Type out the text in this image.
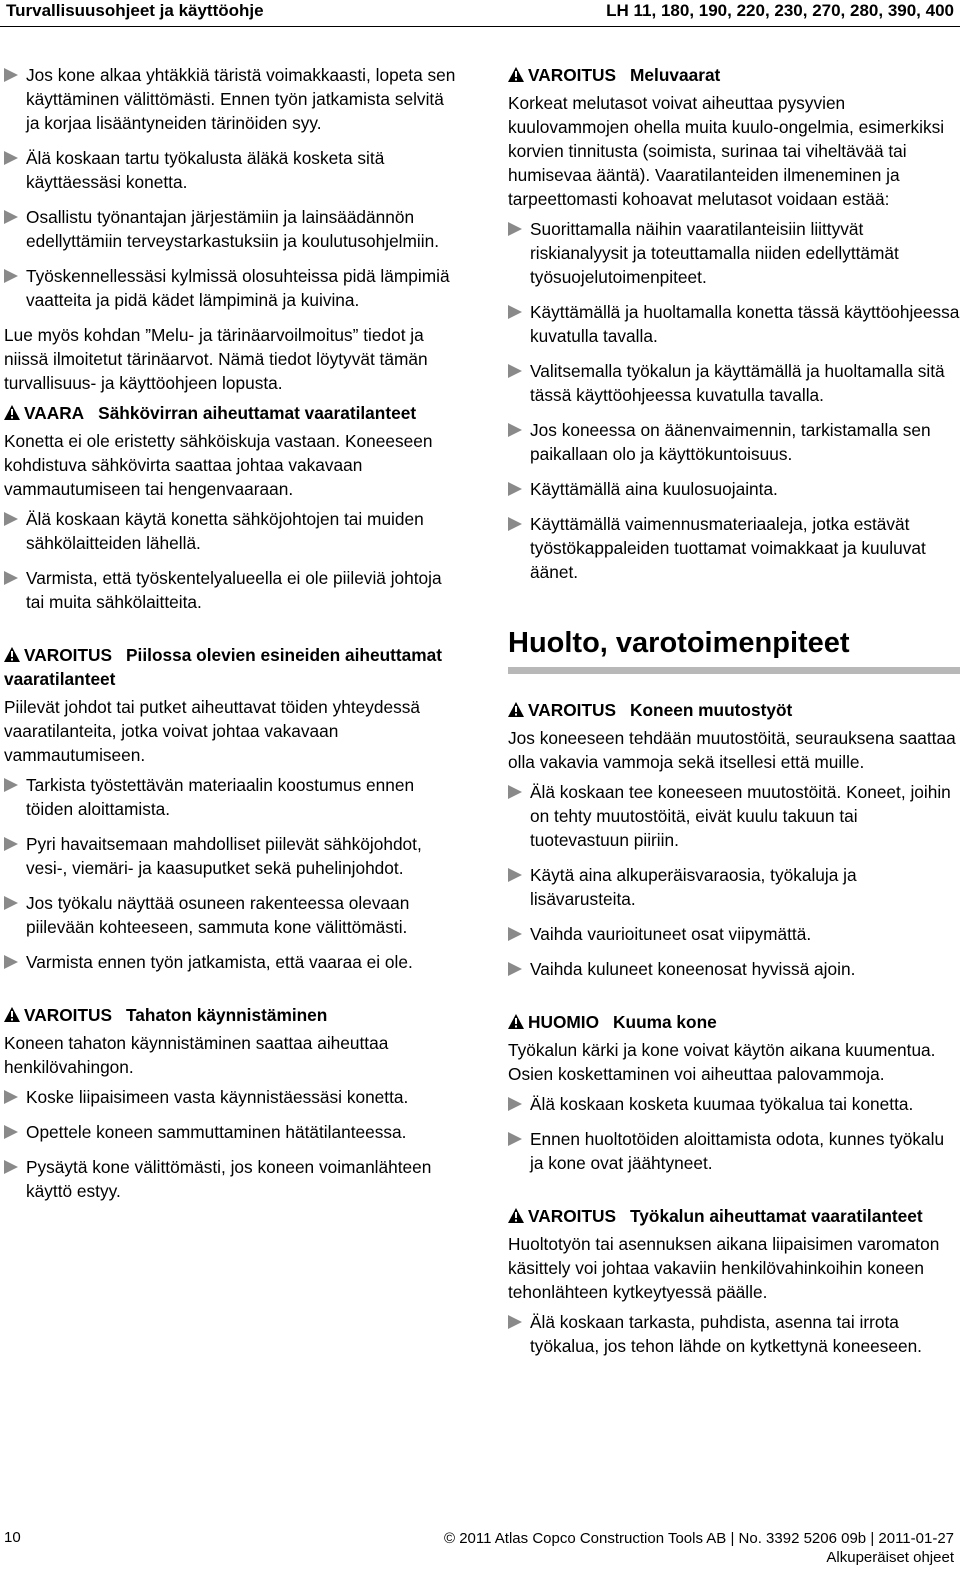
Turvallisuusohjeet ja käyttöohje	LH 11, 180, 190, 220, 230, 270, 280, 390, 400
Jos kone alkaa yhtäkkiä täristä voimakkaasti, lopeta sen käyttäminen välittömästi. Ennen työn jatkamista selvitä ja korjaa lisääntyneiden tärinöiden syy.
Älä koskaan tartu työkalusta äläkä kosketa sitä käyttäessäsi konetta.
Osallistu työnantajan järjestämiin ja lainsäädännön edellyttämiin terveystarkastuksiin ja koulutusohjelmiin.
Työskennellessäsi kylmissä olosuhteissa pidä lämpimiä vaatteita ja pidä kädet lämpiminä ja kuivina.
Lue myös kohdan ”Melu- ja tärinäarvoilmoitus” tiedot ja niissä ilmoitetut tärinäarvot. Nämä tiedot löytyvät tämän turvallisuus- ja käyttöohjeen lopusta.
VAARA Sähkövirran aiheuttamat vaaratilanteet
Konetta ei ole eristetty sähköiskuja vastaan. Koneeseen kohdistuva sähkövirta saattaa johtaa vakavaan vammautumiseen tai hengenvaaraan.
Älä koskaan käytä konetta sähköjohtojen tai muiden sähkölaitteiden lähellä.
Varmista, että työskentelyalueella ei ole piileviä johtoja tai muita sähkölaitteita.
VAROITUS Piilossa olevien esineiden aiheuttamat vaaratilanteet
Piilevät johdot tai putket aiheuttavat töiden yhteydessä vaaratilanteita, jotka voivat johtaa vakavaan vammautumiseen.
Tarkista työstettävän materiaalin koostumus ennen töiden aloittamista.
Pyri havaitsemaan mahdolliset piilevät sähköjohdot, vesi-, viemäri- ja kaasuputket sekä puhelinjohdot.
Jos työkalu näyttää osuneen rakenteessa olevaan piilevään kohteeseen, sammuta kone välittömästi.
Varmista ennen työn jatkamista, että vaaraa ei ole.
VAROITUS Tahaton käynnistäminen
Koneen tahaton käynnistäminen saattaa aiheuttaa henkilövahingon.
Koske liipaisimeen vasta käynnistäessäsi konetta.
Opettele koneen sammuttaminen hätätilanteessa.
Pysäytä kone välittömästi, jos koneen voimanlähteen käyttö estyy.
VAROITUS Meluvaarat
Korkeat melutasot voivat aiheuttaa pysyvien kuulovammojen ohella muita kuulo-ongelmia, esimerkiksi korvien tinnitusta (soimista, surinaa tai viheltävää tai humisevaa ääntä). Vaaratilanteiden ilmeneminen ja tarpeettomasti kohoavat melutasot voidaan estää:
Suorittamalla näihin vaaratilanteisiin liittyvät riskianalyysit ja toteuttamalla niiden edellyttämät työsuojelutoimenpiteet.
Käyttämällä ja huoltamalla konetta tässä käyttöohjeessa kuvatulla tavalla.
Valitsemalla työkalun ja käyttämällä ja huoltamalla sitä tässä käyttöohjeessa kuvatulla tavalla.
Jos koneessa on äänenvaimennin, tarkistamalla sen paikallaan olo ja käyttökuntoisuus.
Käyttämällä aina kuulosuojainta.
Käyttämällä vaimennusmateriaaleja, jotka estävät työstökappaleiden tuottamat voimakkaat ja kuuluvat äänet.
Huolto, varotoimenpiteet
VAROITUS Koneen muutostyöt
Jos koneeseen tehdään muutostöitä, seurauksena saattaa olla vakavia vammoja sekä itsellesi että muille.
Älä koskaan tee koneeseen muutostöitä. Koneet, joihin on tehty muutostöitä, eivät kuulu takuun tai tuotevastuun piiriin.
Käytä aina alkuperäisvaraosia, työkaluja ja lisävarusteita.
Vaihda vaurioituneet osat viipymättä.
Vaihda kuluneet koneenosat hyvissä ajoin.
HUOMIO Kuuma kone
Työkalun kärki ja kone voivat käytön aikana kuumentua. Osien koskettaminen voi aiheuttaa palovammoja.
Älä koskaan kosketa kuumaa työkalua tai konetta.
Ennen huoltotöiden aloittamista odota, kunnes työkalu ja kone ovat jäähtyneet.
VAROITUS Työkalun aiheuttamat vaaratilanteet
Huoltotyön tai asennuksen aikana liipaisimen varomaton käsittely voi johtaa vakaviin henkilövahinkoihin koneen tehonlähteen kytkeytyessä päälle.
Älä koskaan tarkasta, puhdista, asenna tai irrota työkalua, jos tehon lähde on kytkettynä koneeseen.
10	© 2011 Atlas Copco Construction Tools AB | No. 3392 5206 09b | 2011-01-27
Alkuperäiset ohjeet
